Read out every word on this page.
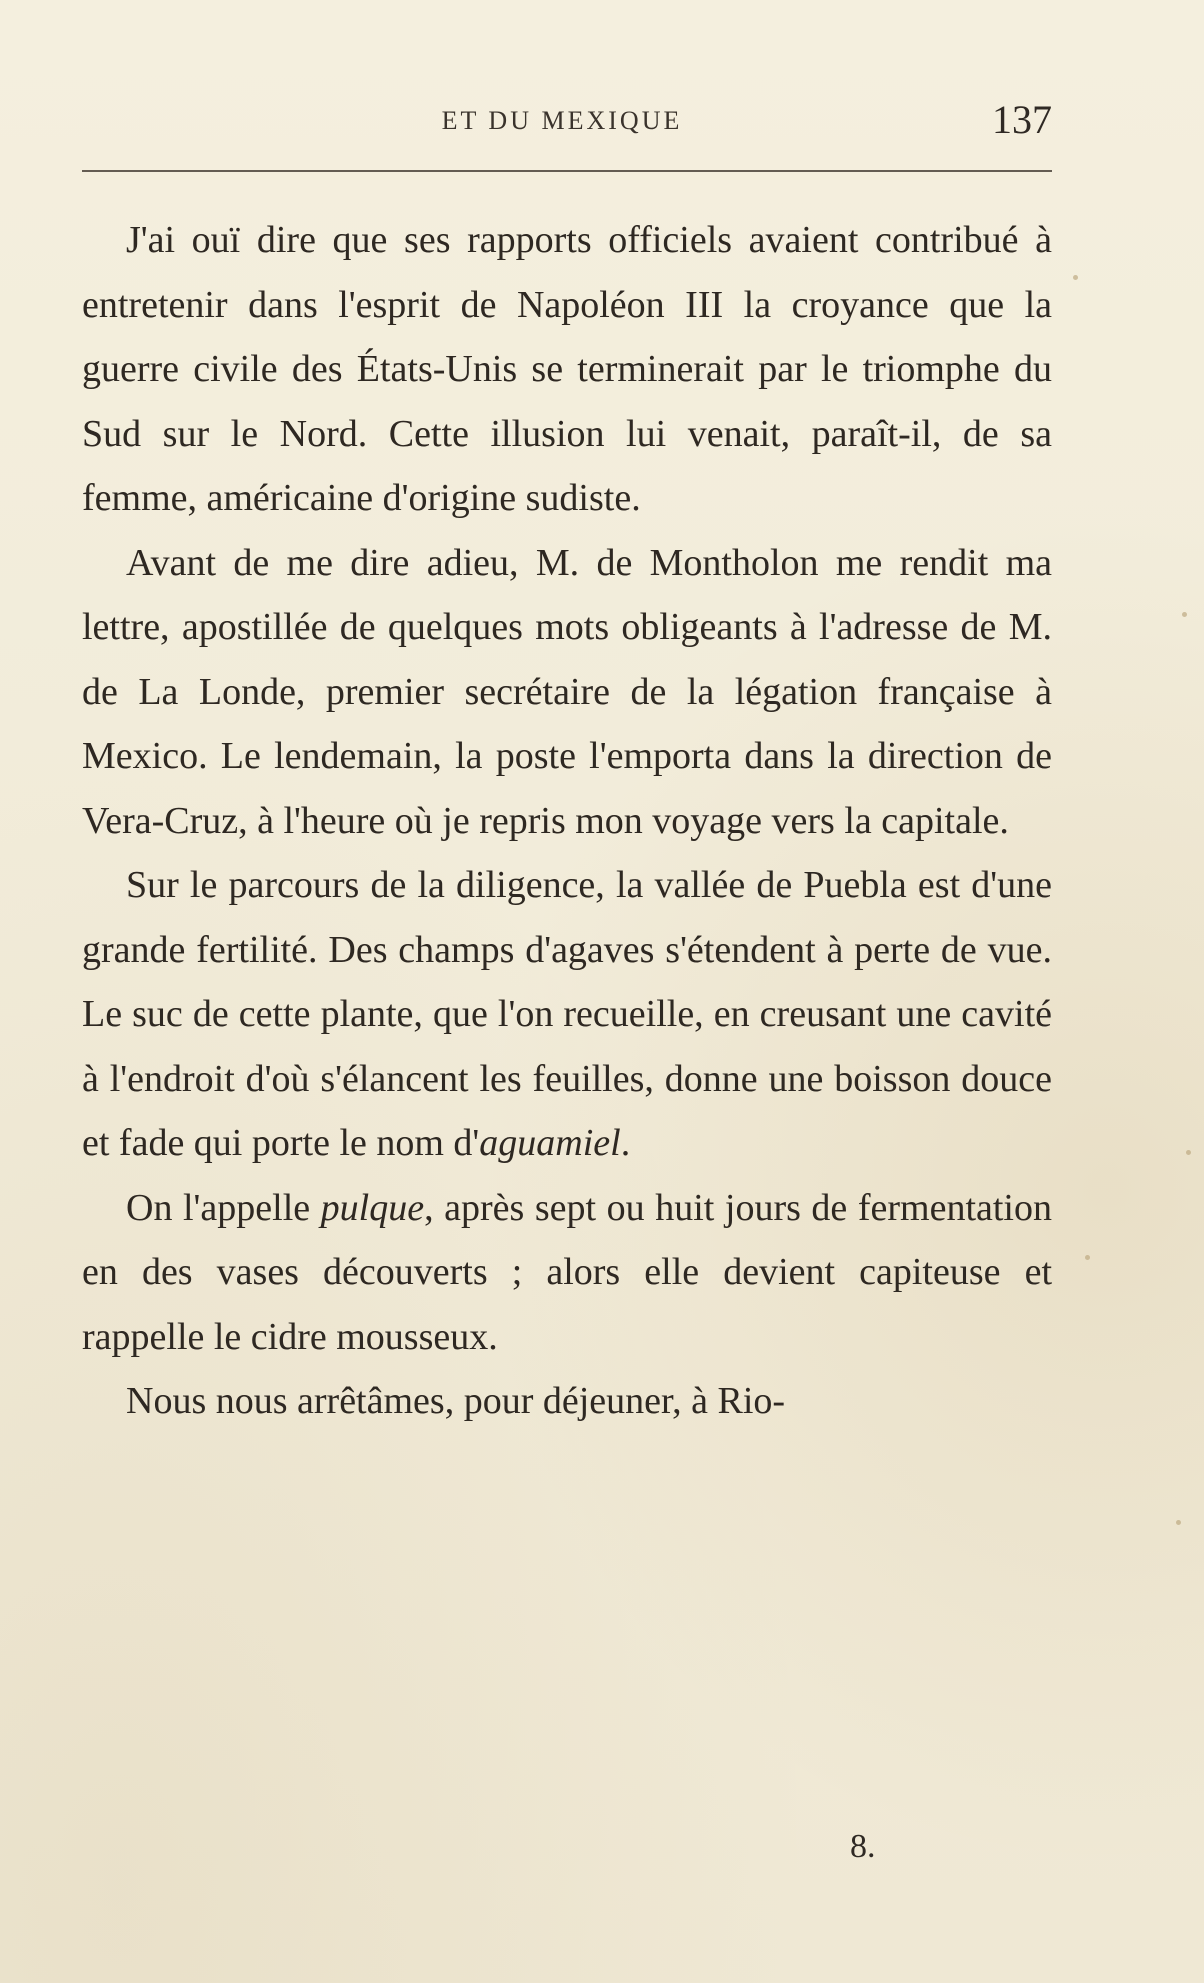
ET DU MEXIQUE	137

J'ai ouï dire que ses rapports officiels avaient contribué à entretenir dans l'esprit de Napoléon III la croyance que la guerre civile des États-Unis se terminerait par le triomphe du Sud sur le Nord. Cette illusion lui venait, paraît-il, de sa femme, américaine d'origine sudiste.

Avant de me dire adieu, M. de Montholon me rendit ma lettre, apostillée de quelques mots obligeants à l'adresse de M. de La Londe, premier secrétaire de la légation française à Mexico. Le lendemain, la poste l'emporta dans la direction de Vera-Cruz, à l'heure où je repris mon voyage vers la capitale.

Sur le parcours de la diligence, la vallée de Puebla est d'une grande fertilité. Des champs d'agaves s'étendent à perte de vue. Le suc de cette plante, que l'on recueille, en creusant une cavité à l'endroit d'où s'élancent les feuilles, donne une boisson douce et fade qui porte le nom d'aguamiel.

On l'appelle pulque, après sept ou huit jours de fermentation en des vases découverts ; alors elle devient capiteuse et rappelle le cidre mousseux.

Nous nous arrêtâmes, pour déjeuner, à Rio-

8.
